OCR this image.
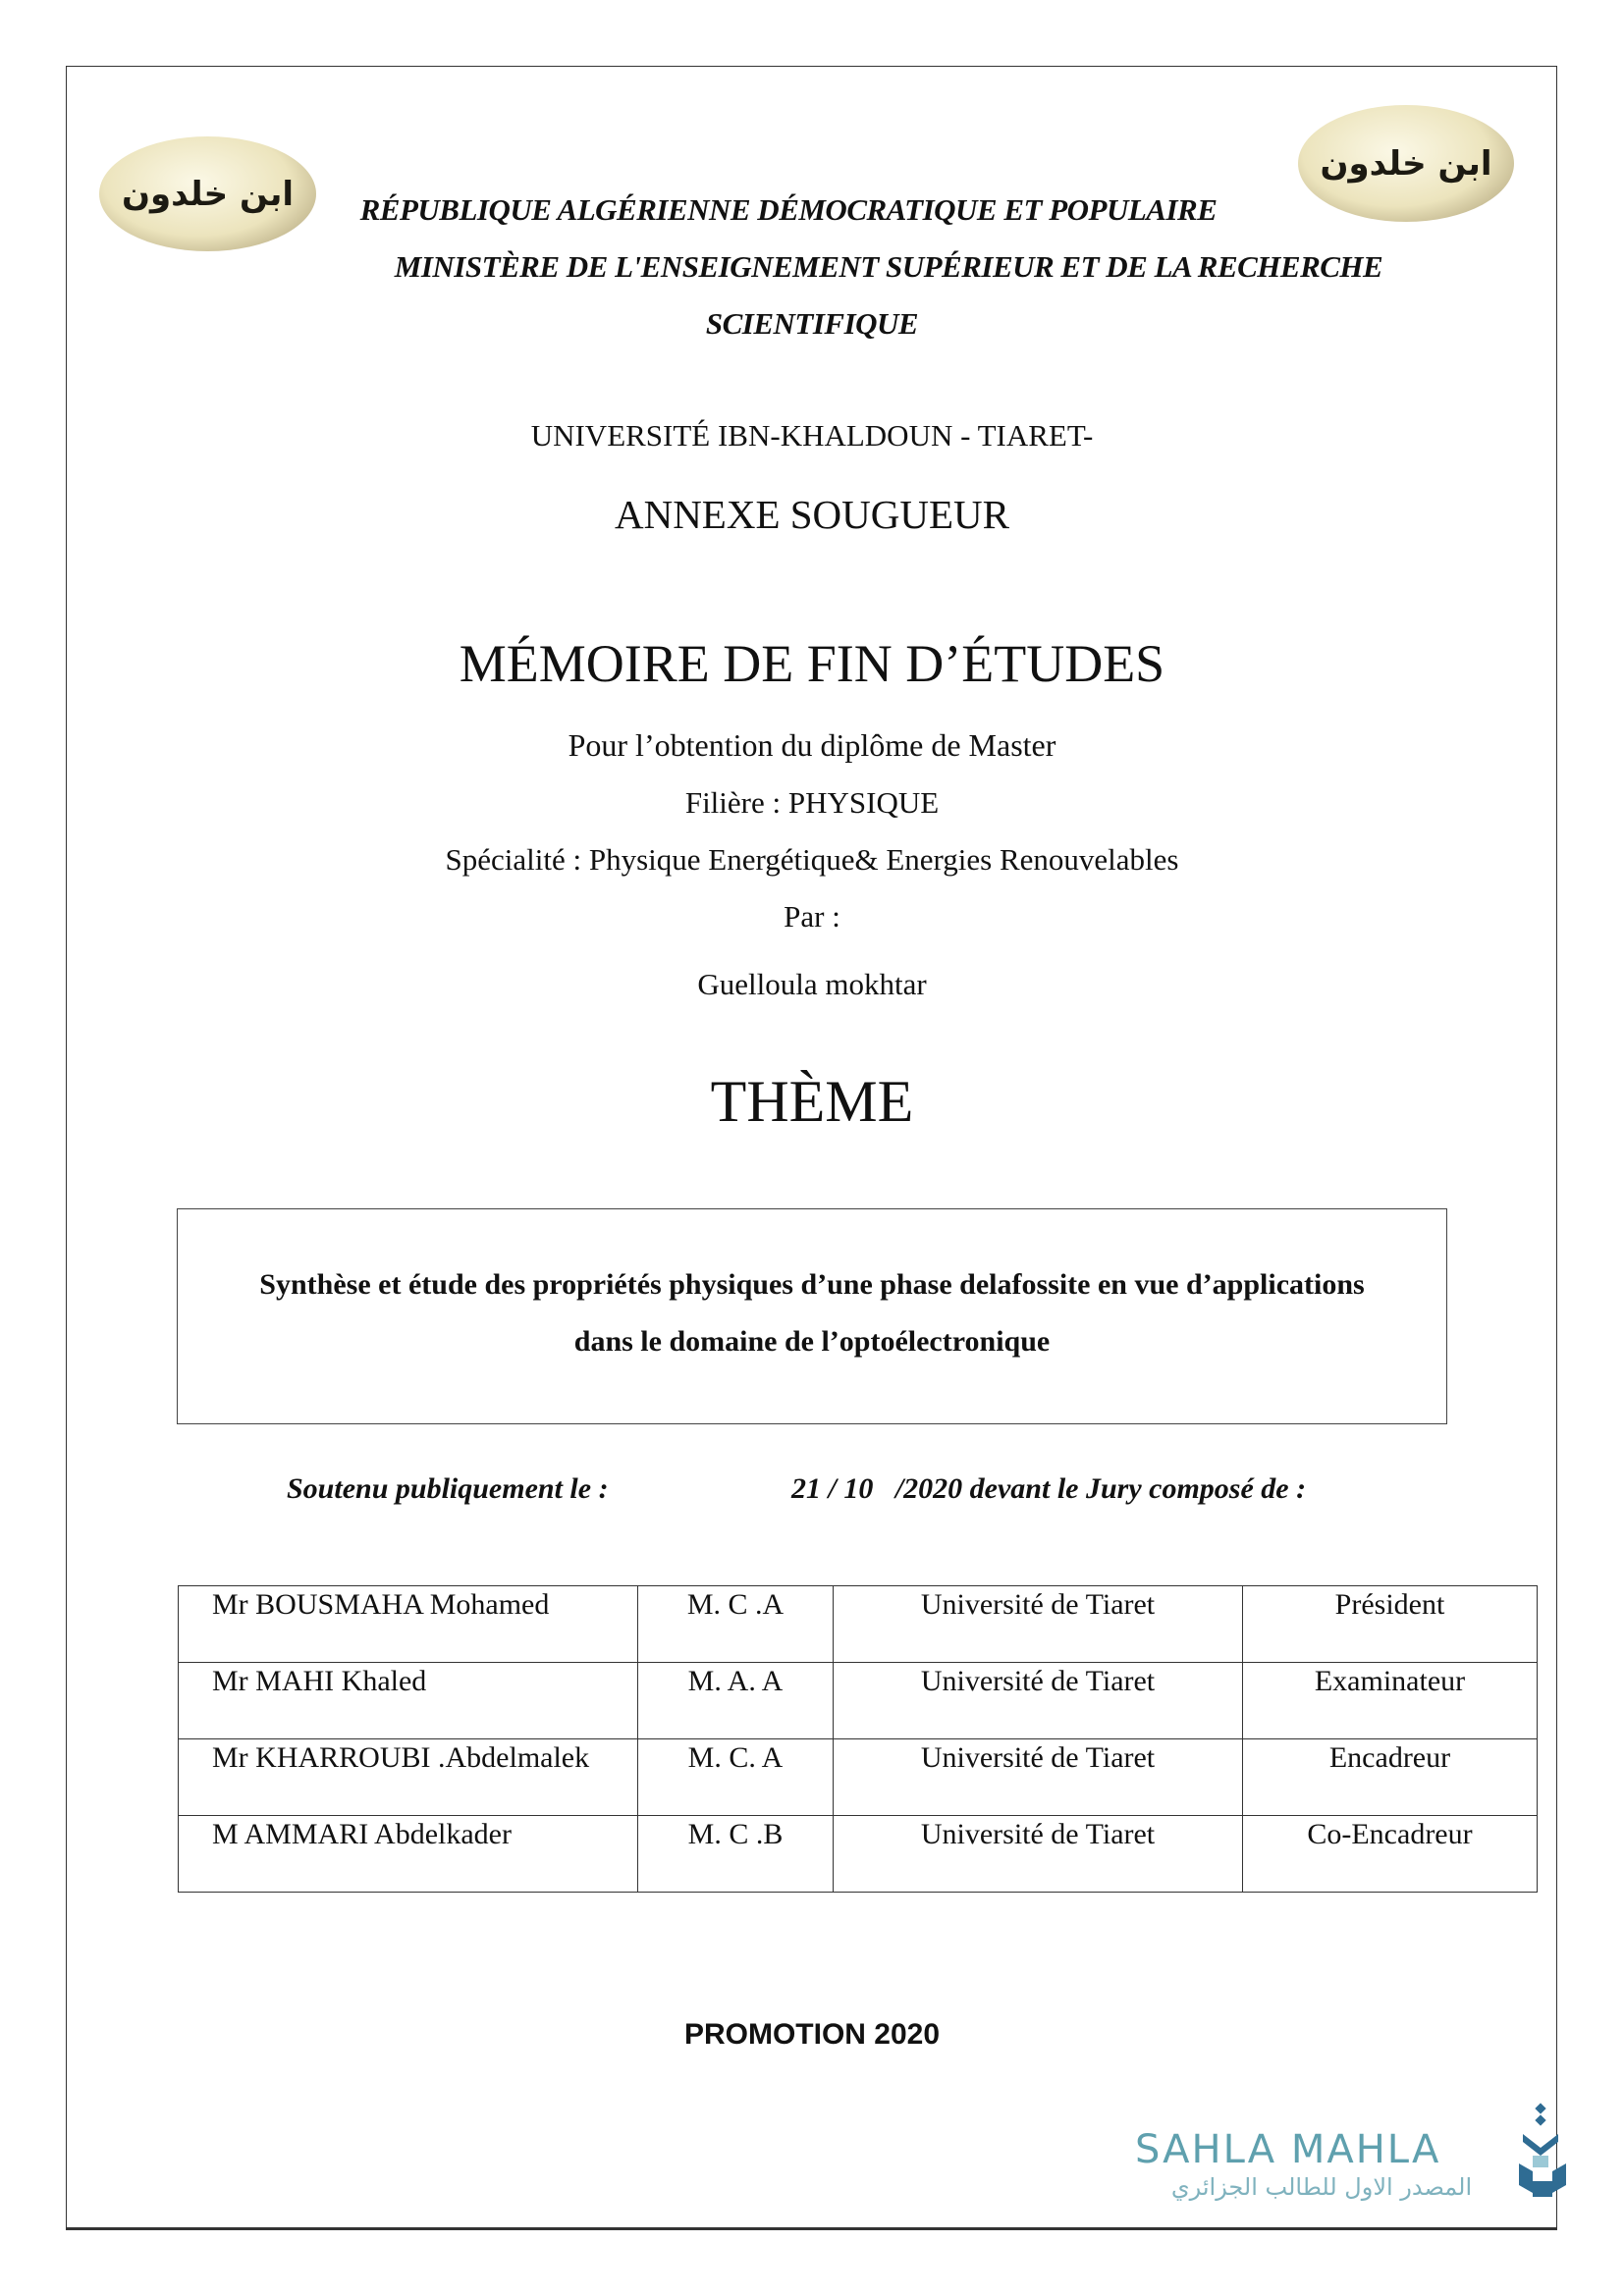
ابن خلدون
ابن خلدون
RÉPUBLIQUE ALGÉRIENNE DÉMOCRATIQUE ET POPULAIRE
MINISTÈRE DE L'ENSEIGNEMENT SUPÉRIEUR ET DE LA RECHERCHE
SCIENTIFIQUE
UNIVERSITÉ IBN-KHALDOUN - TIARET-
ANNEXE SOUGUEUR
MÉMOIRE DE FIN D’ÉTUDES
Pour l’obtention du diplôme de Master
Filière : PHYSIQUE
Spécialité : Physique Energétique& Energies Renouvelables
Par :
Guelloula mokhtar
THÈME
Synthèse et étude des propriétés physiques d’une phase delafossite en vue d’applications
dans le domaine de l’optoélectronique
Soutenu publiquement le :	21 / 10   /2020 devant le Jury composé de :
Mr BOUSMAHA Mohamed	M. C .A	Université de Tiaret	Président
Mr MAHI Khaled	M. A. A	Université de Tiaret	Examinateur
Mr KHARROUBI .Abdelmalek	M. C. A	Université de Tiaret	Encadreur
M AMMARI Abdelkader	M. C .B	Université de Tiaret	Co-Encadreur
PROMOTION 2020
SAHLA MAHLA
المصدر الاول للطالب الجزائري
